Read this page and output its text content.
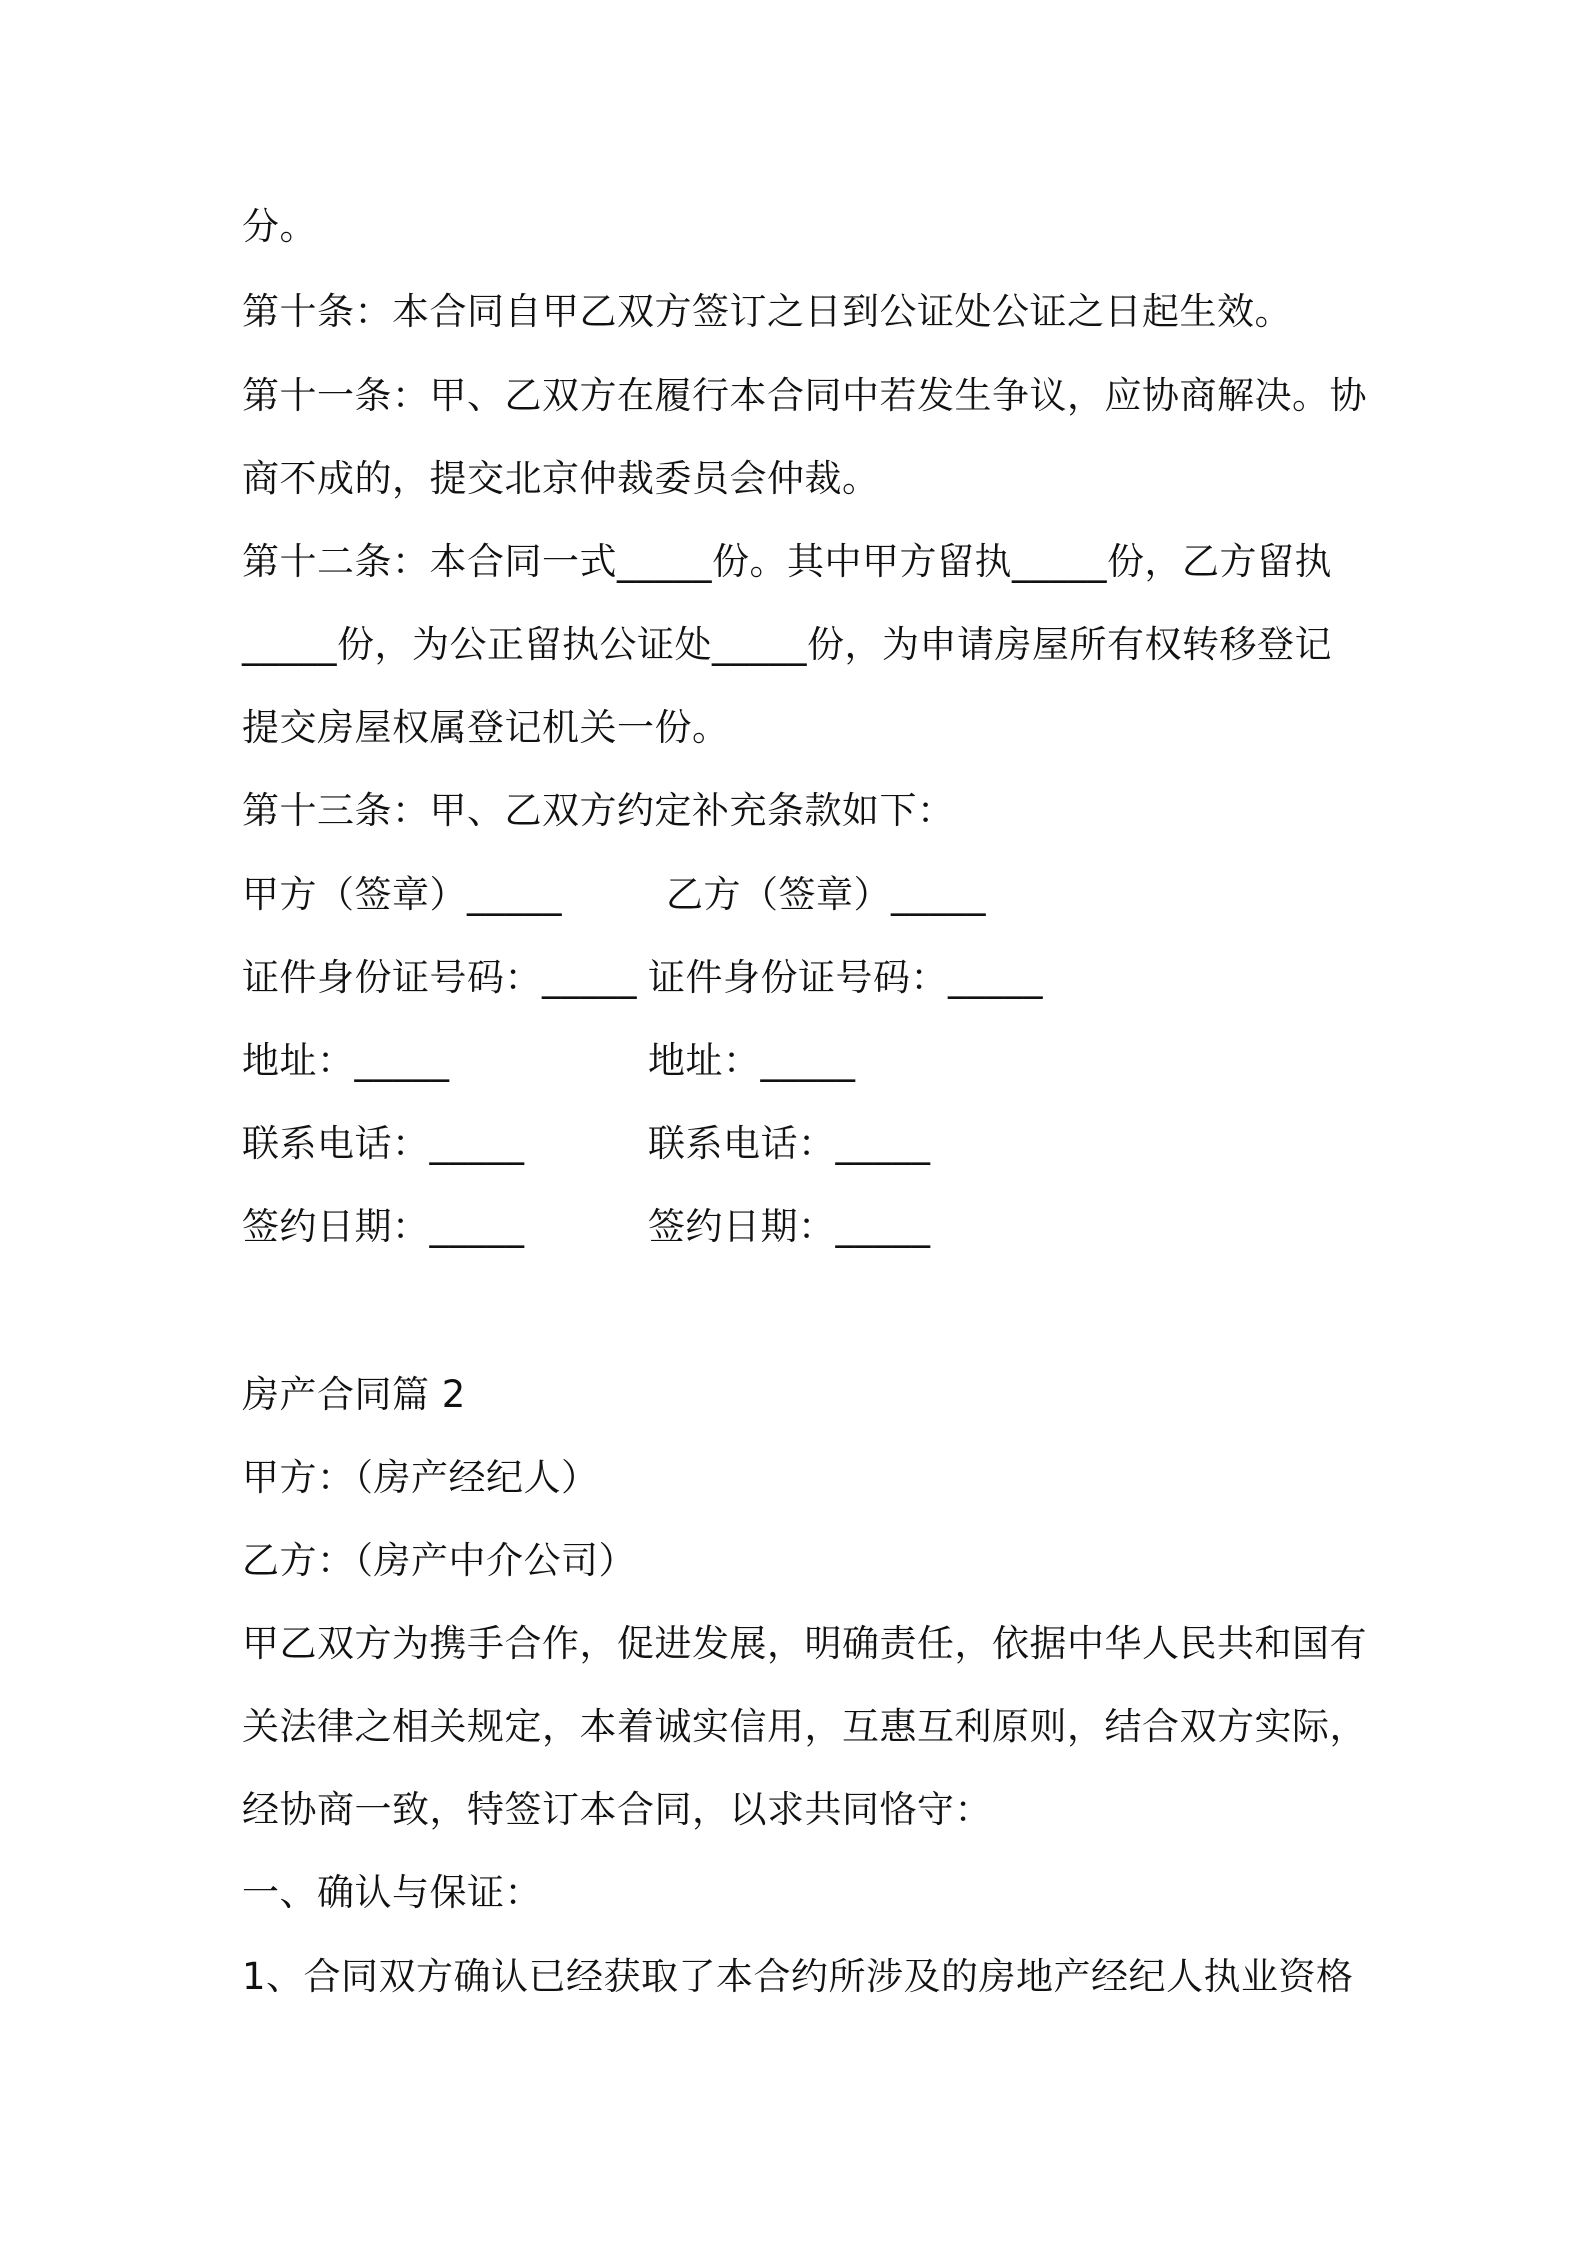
分。
第十条：本合同自甲乙双方签订之日到公证处公证之日起生效。
第十一条：甲、乙双方在履行本合同中若发生争议，应协商解决。协
商不成的，提交北京仲裁委员会仲裁。
第十二条：本合同一式_____份。其中甲方留执_____份，乙方留执
_____份，为公正留执公证处_____份，为申请房屋所有权转移登记
提交房屋权属登记机关一份。
第十三条：甲、乙双方约定补充条款如下：
甲方（签章）_____	乙方（签章）_____
证件身份证号码：_____ 证件身份证号码：_____
地址：_____	地址：_____
联系电话：_____	联系电话：_____
签约日期：_____	签约日期：_____
房产合同篇 2
甲方：（房产经纪人）
乙方：（房产中介公司）
甲乙双方为携手合作，促进发展，明确责任，依据中华人民共和国有
关法律之相关规定，本着诚实信用，互惠互利原则，结合双方实际，
经协商一致，特签订本合同，以求共同恪守：
一、确认与保证：
1、合同双方确认已经获取了本合约所涉及的房地产经纪人执业资格
